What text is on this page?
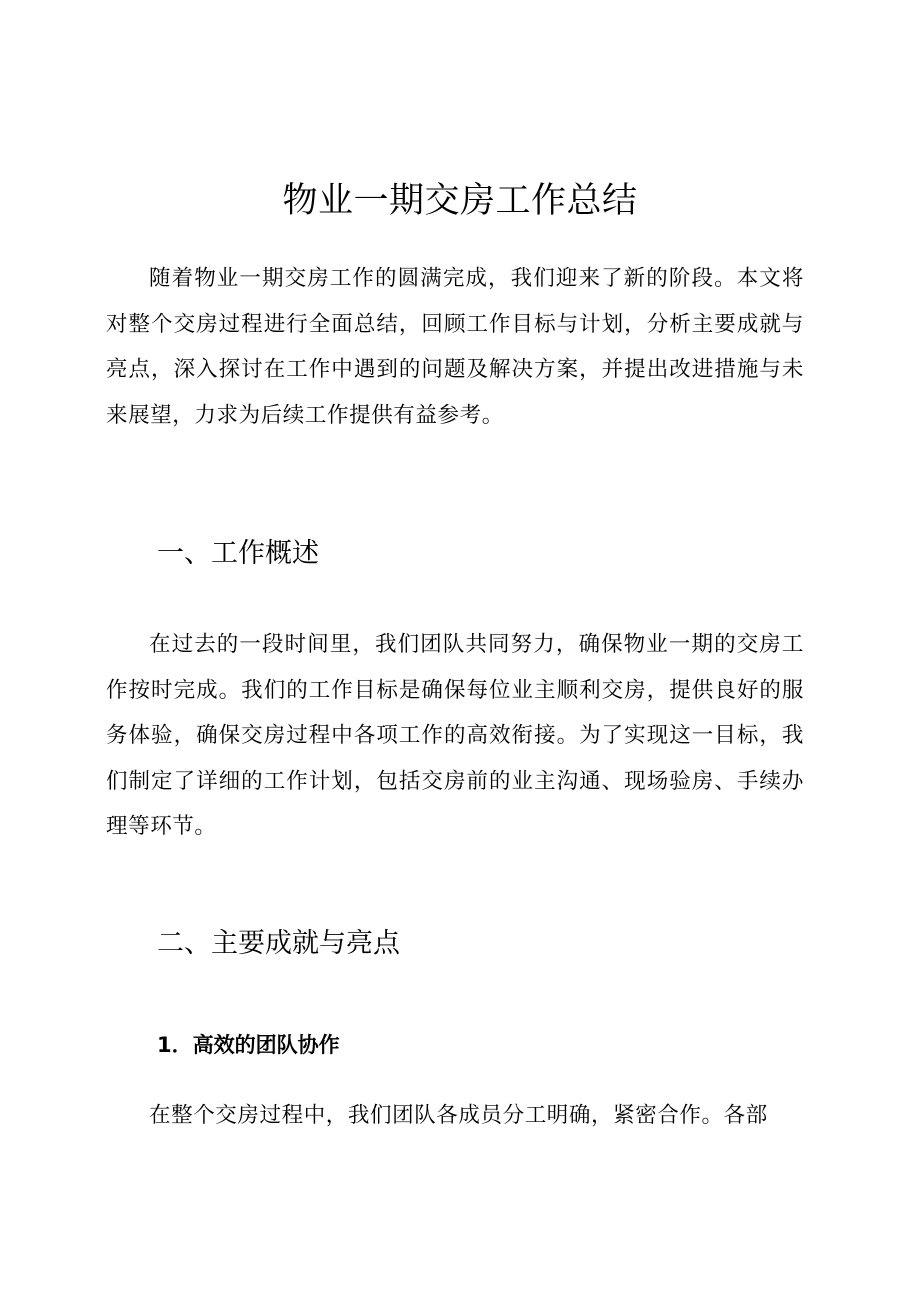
物业一期交房工作总结

随着物业一期交房工作的圆满完成，我们迎来了新的阶段。本文将对整个交房过程进行全面总结，回顾工作目标与计划，分析主要成就与亮点，深入探讨在工作中遇到的问题及解决方案，并提出改进措施与未来展望，力求为后续工作提供有益参考。

一、工作概述

在过去的一段时间里，我们团队共同努力，确保物业一期的交房工作按时完成。我们的工作目标是确保每位业主顺利交房，提供良好的服务体验，确保交房过程中各项工作的高效衔接。为了实现这一目标，我们制定了详细的工作计划，包括交房前的业主沟通、现场验房、手续办理等环节。

二、主要成就与亮点
1．高效的团队协作

在整个交房过程中，我们团队各成员分工明确，紧密合作。各部
